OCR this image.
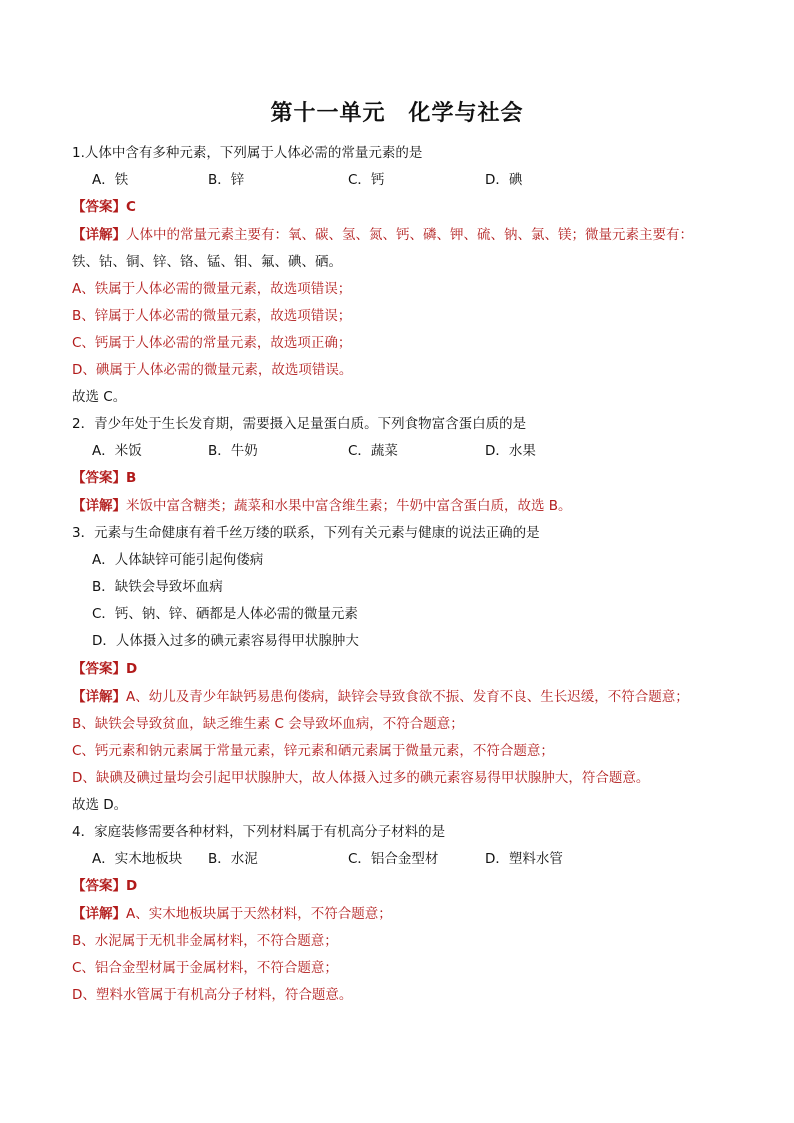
第十一单元　化学与社会
1.人体中含有多种元素，下列属于人体必需的常量元素的是
A．铁	B．锌	C．钙	D．碘
【答案】C
【详解】人体中的常量元素主要有：氧、碳、氢、氮、钙、磷、钾、硫、钠、氯、镁；微量元素主要有：
铁、钴、铜、锌、铬、锰、钼、氟、碘、硒。
A、铁属于人体必需的微量元素，故选项错误；
B、锌属于人体必需的微量元素，故选项错误；
C、钙属于人体必需的常量元素，故选项正确；
D、碘属于人体必需的微量元素，故选项错误。
故选 C。
2．青少年处于生长发育期，需要摄入足量蛋白质。下列食物富含蛋白质的是
A．米饭	B．牛奶	C．蔬菜	D．水果
【答案】B
【详解】米饭中富含糖类；蔬菜和水果中富含维生素；牛奶中富含蛋白质，故选 B。
3．元素与生命健康有着千丝万缕的联系，下列有关元素与健康的说法正确的是
A．人体缺锌可能引起佝偻病
B．缺铁会导致坏血病
C．钙、钠、锌、硒都是人体必需的微量元素
D．人体摄入过多的碘元素容易得甲状腺肿大
【答案】D
【详解】A、幼儿及青少年缺钙易患佝偻病，缺锌会导致食欲不振、发育不良、生长迟缓，不符合题意；
B、缺铁会导致贫血，缺乏维生素 C 会导致坏血病，不符合题意；
C、钙元素和钠元素属于常量元素，锌元素和硒元素属于微量元素，不符合题意；
D、缺碘及碘过量均会引起甲状腺肿大，故人体摄入过多的碘元素容易得甲状腺肿大，符合题意。
故选 D。
4．家庭装修需要各种材料，下列材料属于有机高分子材料的是
A．实木地板块 B．水泥	C．铝合金型材	D．塑料水管
【答案】D
【详解】A、实木地板块属于天然材料，不符合题意；
B、水泥属于无机非金属材料，不符合题意；
C、铝合金型材属于金属材料，不符合题意；
D、塑料水管属于有机高分子材料，符合题意。
